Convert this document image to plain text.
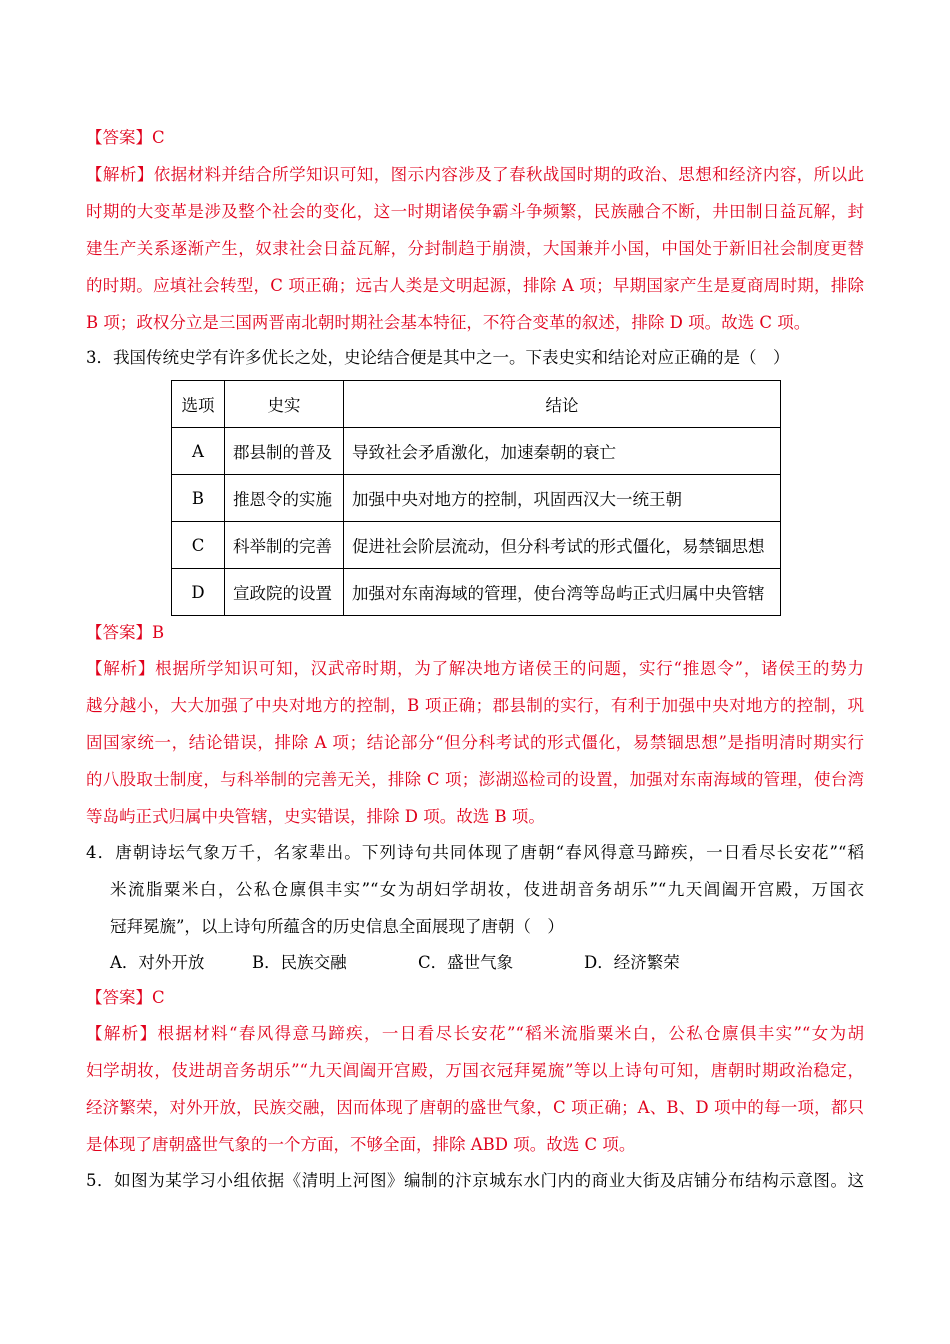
【答案】C
【解析】依据材料并结合所学知识可知，图示内容涉及了春秋战国时期的政治、思想和经济内容，所以此
时期的大变革是涉及整个社会的变化，这一时期诸侯争霸斗争频繁，民族融合不断，井田制日益瓦解，封
建生产关系逐渐产生，奴隶社会日益瓦解，分封制趋于崩溃，大国兼并小国，中国处于新旧社会制度更替
的时期。应填社会转型，C 项正确；远古人类是文明起源，排除 A 项；早期国家产生是夏商周时期，排除
B 项；政权分立是三国两晋南北朝时期社会基本特征，不符合变革的叙述，排除 D 项。故选 C 项。
3．我国传统史学有许多优长之处，史论结合便是其中之一。下表史实和结论对应正确的是（　）
选项	史实	结论
A	郡县制的普及	导致社会矛盾激化，加速秦朝的衰亡
B	推恩令的实施	加强中央对地方的控制，巩固西汉大一统王朝
C	科举制的完善	促进社会阶层流动，但分科考试的形式僵化，易禁锢思想
D	宣政院的设置	加强对东南海域的管理，使台湾等岛屿正式归属中央管辖
【答案】B
【解析】根据所学知识可知，汉武帝时期，为了解决地方诸侯王的问题，实行“推恩令”，诸侯王的势力
越分越小，大大加强了中央对地方的控制，B 项正确；郡县制的实行，有利于加强中央对地方的控制，巩
固国家统一，结论错误，排除 A 项；结论部分“但分科考试的形式僵化，易禁锢思想”是指明清时期实行
的八股取士制度，与科举制的完善无关，排除 C 项；澎湖巡检司的设置，加强对东南海域的管理，使台湾
等岛屿正式归属中央管辖，史实错误，排除 D 项。故选 B 项。
4．唐朝诗坛气象万千，名家辈出。下列诗句共同体现了唐朝“春风得意马蹄疾，一日看尽长安花”“稻
米流脂粟米白，公私仓廪俱丰实”“女为胡妇学胡妆，伎进胡音务胡乐”“九天阊阖开宫殿，万国衣
冠拜冕旒”，以上诗句所蕴含的历史信息全面展现了唐朝（　）
A．对外开放	B．民族交融	C．盛世气象	D．经济繁荣
【答案】C
【解析】根据材料“春风得意马蹄疾，一日看尽长安花”“稻米流脂粟米白，公私仓廪俱丰实”“女为胡
妇学胡妆，伎进胡音务胡乐”“九天阊阖开宫殿，万国衣冠拜冕旒”等以上诗句可知，唐朝时期政治稳定，
经济繁荣，对外开放，民族交融，因而体现了唐朝的盛世气象，C 项正确；A、B、D 项中的每一项，都只
是体现了唐朝盛世气象的一个方面，不够全面，排除 ABD 项。故选 C 项。
5．如图为某学习小组依据《清明上河图》编制的汴京城东水门内的商业大街及店铺分布结构示意图。这
